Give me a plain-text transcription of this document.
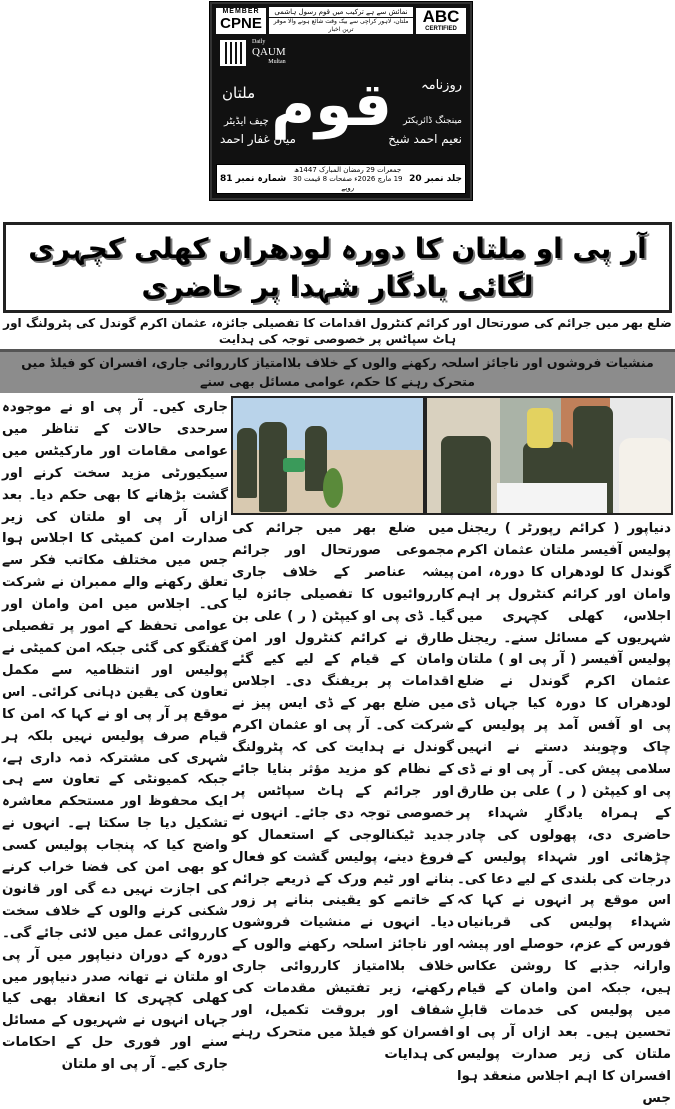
MEMBER
CPNE
نمائش سے ہے ترکیب میں قوم رسول ہاشمی
ملتان، لاہور کراچی سے بیک وقت شائع ہونے والا موقر ترین اخبار
ABC
CERTIFIED
Daily
QAUM
Multan
قوم روزنامہ
ملتان
چیف ایڈیٹر
میاں غفار احمد
مینجنگ ڈائریکٹر
نعیم احمد شیخ
جلد نمبر 20
جمعرات 29 رمضان المبارک 1447ھ 19 مارچ 2026ء صفحات 8 قیمت 30 روپے
شمارہ نمبر 81
آر پی او ملتان کا دورہ لودھراں کھلی کچہری لگائی یادگار شہدا پر حاضری
ضلع بھر میں جرائم کی صورتحال اور کرائم کنٹرول اقدامات کا تفصیلی جائزہ، عثمان اکرم گوندل کی پٹرولنگ اور ہاٹ سپاٹس پر خصوصی توجہ کی ہدایت
منشیات فروشوں اور ناجائز اسلحہ رکھنے والوں کے خلاف بلاامتیاز کارروائی جاری، افسران کو فیلڈ میں متحرک رہنے کا حکم، عوامی مسائل بھی سنے
دنیاپور ( کرائم رپورٹر ) ریجنل پولیس آفیسر ملتان عثمان اکرم گوندل کا لودھراں کا دورہ، امن وامان اور کرائم کنٹرول پر اہم اجلاس، کھلی کچہری میں شہریوں کے مسائل سنے۔ ریجنل پولیس آفیسر ( آر پی او ) ملتان عثمان اکرم گوندل نے ضلع لودھراں کا دورہ کیا جہاں ڈی پی او آفس آمد پر پولیس کے چاک وچوبند دستے نے انہیں سلامی پیش کی۔ آر پی او نے ڈی پی او کیپٹن ( ر ) علی بن طارق کے ہمراہ یادگارِ شہداء پر حاضری دی، پھولوں کی چادر چڑھائی اور شہداء پولیس کے درجات کی بلندی کے لیے دعا کی۔ اس موقع پر انہوں نے کہا کہ شہداء پولیس کی قربانیاں فورس کے عزم، حوصلے اور پیشہ وارانہ جذبے کا روشن عکاس ہیں، جبکہ امن وامان کے قیام میں پولیس کی خدمات قابلِ تحسین ہیں۔ بعد ازاں آر پی او ملتان کی زیر صدارت پولیس افسران کا اہم اجلاس منعقد ہوا جس
میں ضلع بھر میں جرائم کی مجموعی صورتحال اور جرائم پیشہ عناصر کے خلاف جاری کارروائیوں کا تفصیلی جائزہ لیا گیا۔ ڈی پی او کیپٹن ( ر ) علی بن طارق نے کرائم کنٹرول اور امن وامان کے قیام کے لیے کیے گئے اقدامات پر بریفنگ دی۔ اجلاس میں ضلع بھر کے ڈی ایس پیز نے شرکت کی۔ آر پی او عثمان اکرم گوندل نے ہدایت کی کہ پٹرولنگ کے نظام کو مزید مؤثر بنایا جائے اور جرائم کے ہاٹ سپاٹس پر خصوصی توجہ دی جائے۔ انہوں نے جدید ٹیکنالوجی کے استعمال کو فروغ دینے، پولیس گشت کو فعال بنانے اور ٹیم ورک کے ذریعے جرائم کے خاتمے کو یقینی بنانے پر زور دیا۔ انہوں نے منشیات فروشوں اور ناجائز اسلحہ رکھنے والوں کے خلاف بلاامتیاز کارروائی جاری رکھنے، زیر تفتیش مقدمات کی شفاف اور بروقت تکمیل، اور افسران کو فیلڈ میں متحرک رہنے کی ہدایات
جاری کیں۔ آر پی او نے موجودہ سرحدی حالات کے تناظر میں عوامی مقامات اور مارکیٹس میں سیکیورٹی مزید سخت کرنے اور گشت بڑھانے کا بھی حکم دیا۔ بعد ازاں آر پی او ملتان کی زیر صدارت امن کمیٹی کا اجلاس ہوا جس میں مختلف مکاتب فکر سے تعلق رکھنے والے ممبران نے شرکت کی۔ اجلاس میں امن وامان اور عوامی تحفظ کے امور پر تفصیلی گفتگو کی گئی جبکہ امن کمیٹی نے پولیس اور انتظامیہ سے مکمل تعاون کی یقین دہانی کرائی۔ اس موقع پر آر پی او نے کہا کہ امن کا قیام صرف پولیس نہیں بلکہ ہر شہری کی مشترکہ ذمہ داری ہے، جبکہ کمیونٹی کے تعاون سے ہی ایک محفوظ اور مستحکم معاشرہ تشکیل دیا جا سکتا ہے۔ انہوں نے واضح کیا کہ پنجاب پولیس کسی کو بھی امن کی فضا خراب کرنے کی اجازت نہیں دے گی اور قانون شکنی کرنے والوں کے خلاف سخت کارروائی عمل میں لائی جائے گی۔ دورہ کے دوران دنیاپور میں آر پی او ملتان نے تھانہ صدر دنیاپور میں کھلی کچہری کا انعقاد بھی کیا جہاں انہوں نے شہریوں کے مسائل سنے اور فوری حل کے احکامات جاری کیے۔ آر پی او ملتان
